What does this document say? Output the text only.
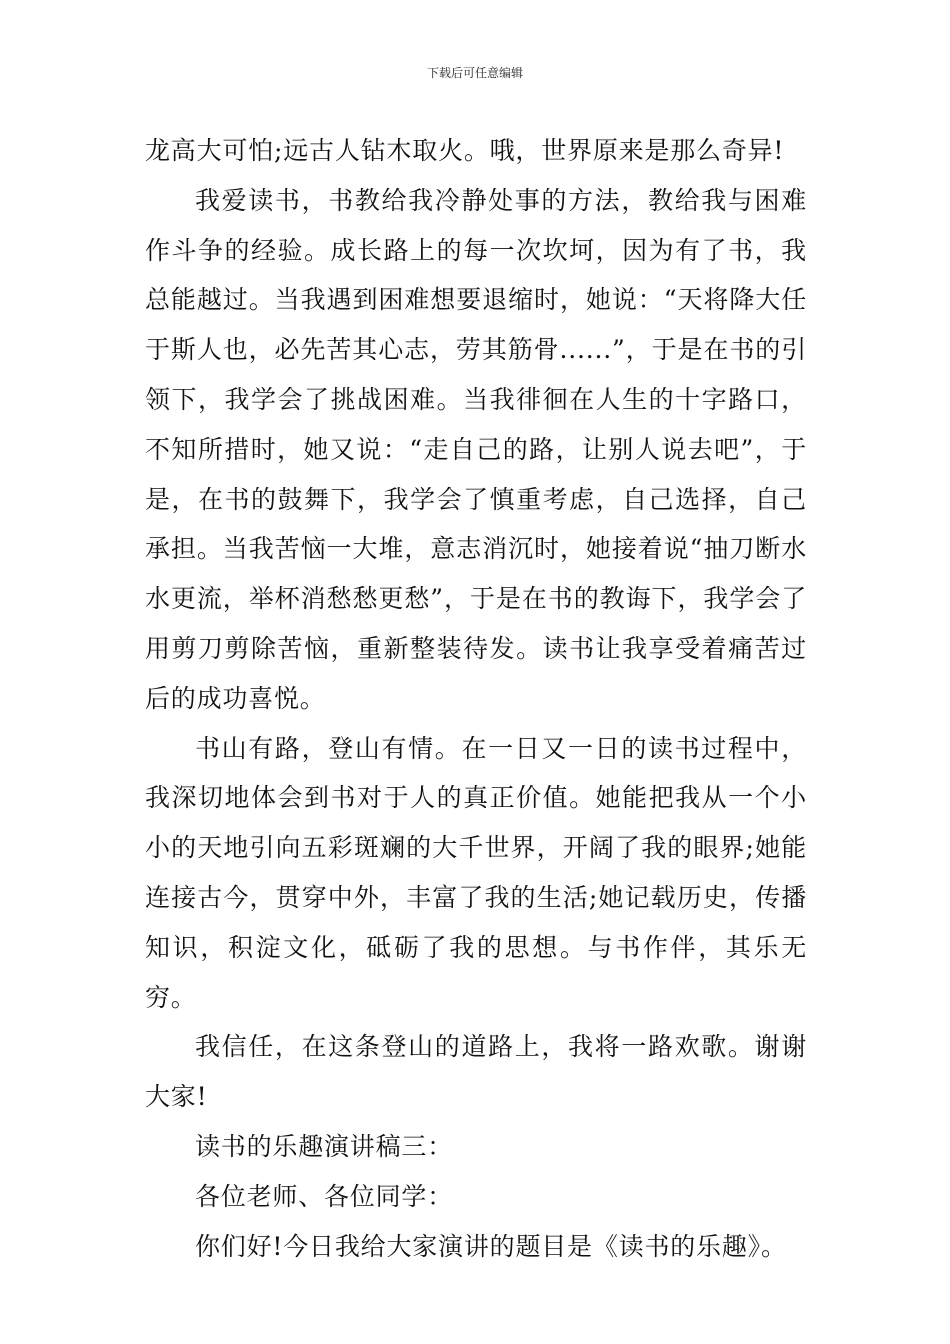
下载后可任意编辑

龙高大可怕;远古人钻木取火。哦，世界原来是那么奇异!

我爱读书，书教给我冷静处事的方法，教给我与困难作斗争的经验。成长路上的每一次坎坷，因为有了书，我总能越过。当我遇到困难想要退缩时，她说：“天将降大任于斯人也，必先苦其心志，劳其筋骨......”，于是在书的引领下，我学会了挑战困难。当我徘徊在人生的十字路口，不知所措时，她又说：“走自己的路，让别人说去吧”，于是，在书的鼓舞下，我学会了慎重考虑，自己选择，自己承担。当我苦恼一大堆，意志消沉时，她接着说“抽刀断水水更流，举杯消愁愁更愁”，于是在书的教诲下，我学会了用剪刀剪除苦恼，重新整装待发。读书让我享受着痛苦过后的成功喜悦。

书山有路，登山有情。在一日又一日的读书过程中，我深切地体会到书对于人的真正价值。她能把我从一个小小的天地引向五彩斑斓的大千世界，开阔了我的眼界;她能连接古今，贯穿中外，丰富了我的生活;她记载历史，传播知识，积淀文化，砥砺了我的思想。与书作伴，其乐无穷。

我信任，在这条登山的道路上，我将一路欢歌。谢谢大家!

读书的乐趣演讲稿三：

各位老师、各位同学：

你们好!今日我给大家演讲的题目是《读书的乐趣》。
